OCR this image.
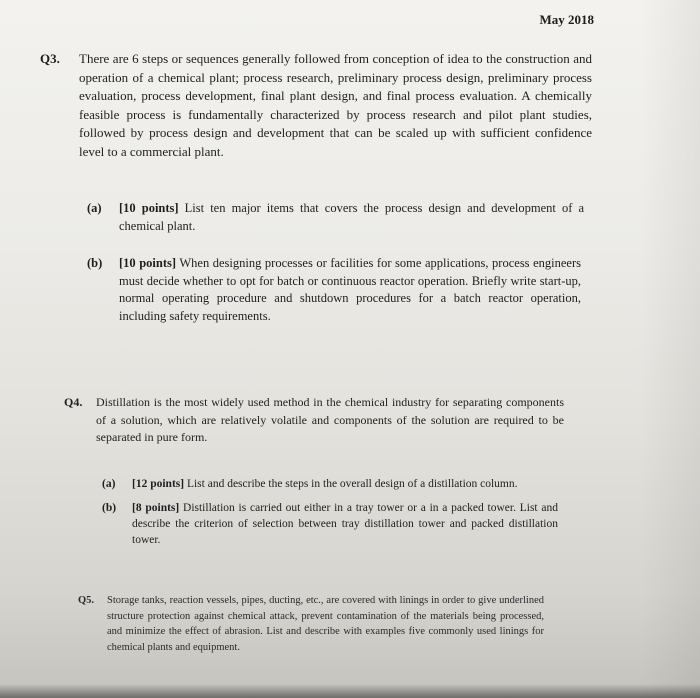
May 2018
Q3. There are 6 steps or sequences generally followed from conception of idea to the construction and operation of a chemical plant; process research, preliminary process design, preliminary process evaluation, process development, final plant design, and final process evaluation. A chemically feasible process is fundamentally characterized by process research and pilot plant studies, followed by process design and development that can be scaled up with sufficient confidence level to a commercial plant.
(a) [10 points] List ten major items that covers the process design and development of a chemical plant.
(b) [10 points] When designing processes or facilities for some applications, process engineers must decide whether to opt for batch or continuous reactor operation. Briefly write start-up, normal operating procedure and shutdown procedures for a batch reactor operation, including safety requirements.
Q4. Distillation is the most widely used method in the chemical industry for separating components of a solution, which are relatively volatile and components of the solution are required to be separated in pure form.
(a) [12 points] List and describe the steps in the overall design of a distillation column.
(b) [8 points] Distillation is carried out either in a tray tower or a in a packed tower. List and describe the criterion of selection between tray distillation tower and packed distillation tower.
Q5. Storage tanks, reaction vessels, pipes, ducting, etc., are covered with linings in order to give underlined structure protection against chemical attack, prevent contamination of the materials being processed, and minimize the effect of abrasion. List and describe with examples five commonly used linings for chemical plants and equipment.
